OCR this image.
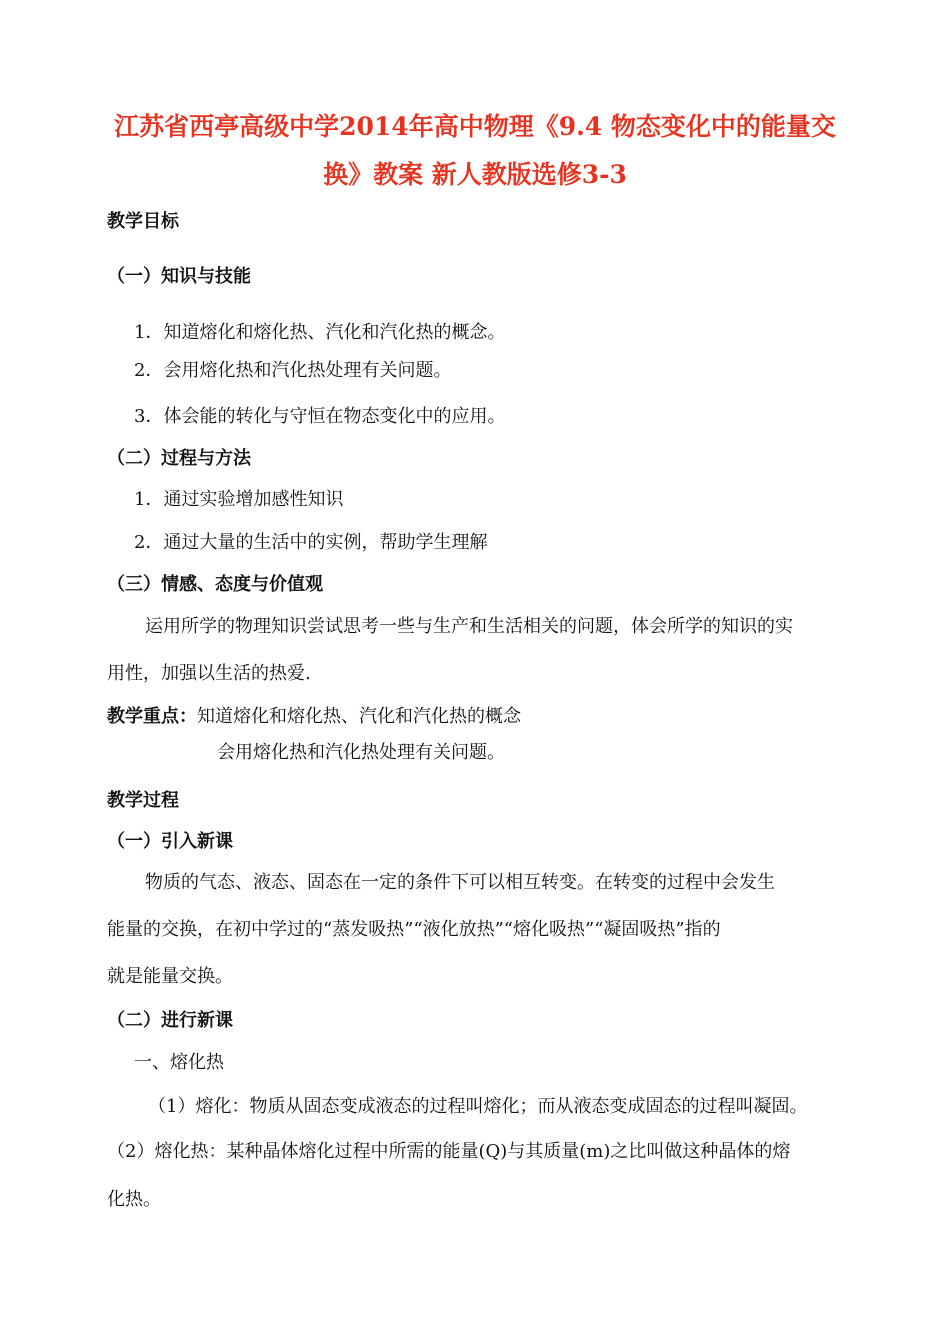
江苏省西亭高级中学2014年高中物理《9.4 物态变化中的能量交
换》教案 新人教版选修3-3
教学目标
（一）知识与技能
1．知道熔化和熔化热、汽化和汽化热的概念。
2．会用熔化热和汽化热处理有关问题。
3．体会能的转化与守恒在物态变化中的应用。
（二）过程与方法
1．通过实验增加感性知识
2．通过大量的生活中的实例，帮助学生理解
（三）情感、态度与价值观
运用所学的物理知识尝试思考一些与生产和生活相关的问题，体会所学的知识的实
用性，加强以生活的热爱.
教学重点：知道熔化和熔化热、汽化和汽化热的概念
会用熔化热和汽化热处理有关问题。
教学过程
（一）引入新课
物质的气态、液态、固态在一定的条件下可以相互转变。在转变的过程中会发生
能量的交换，在初中学过的“蒸发吸热”“液化放热”“熔化吸热”“凝固吸热”指的
就是能量交换。
（二）进行新课
一、熔化热
（1）熔化：物质从固态变成液态的过程叫熔化；而从液态变成固态的过程叫凝固。
（2）熔化热：某种晶体熔化过程中所需的能量(Q)与其质量(m)之比叫做这种晶体的熔
化热。
